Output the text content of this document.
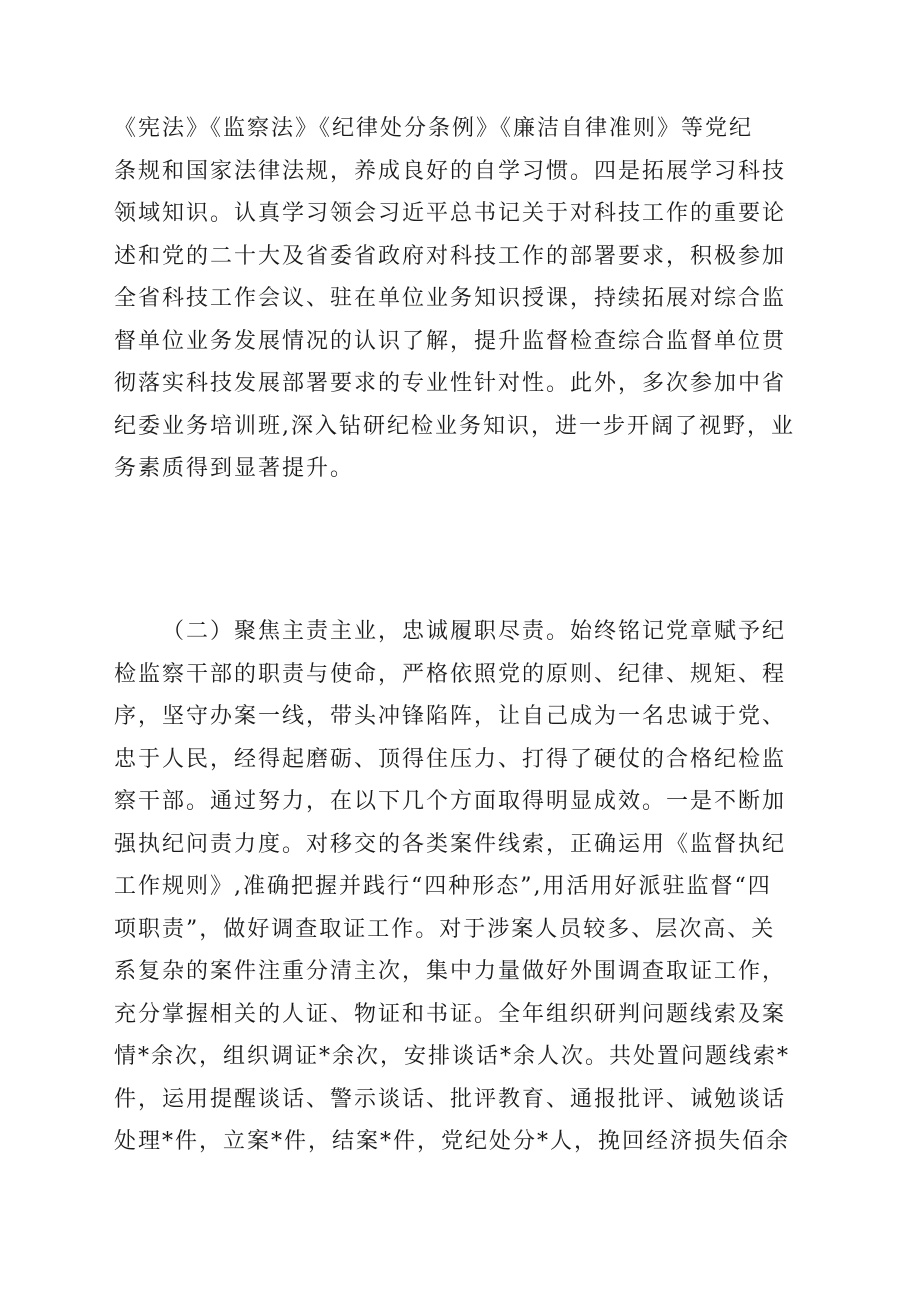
《宪法》《监察法》《纪律处分条例》《廉洁自律准则》等党纪
条规和国家法律法规，养成良好的自学习惯。四是拓展学习科技
领域知识。认真学习领会习近平总书记关于对科技工作的重要论
述和党的二十大及省委省政府对科技工作的部署要求，积极参加
全省科技工作会议、驻在单位业务知识授课，持续拓展对综合监
督单位业务发展情况的认识了解，提升监督检查综合监督单位贯
彻落实科技发展部署要求的专业性针对性。此外，多次参加中省
纪委业务培训班,深入钻研纪检业务知识，进一步开阔了视野，业
务素质得到显著提升。
（二）聚焦主责主业，忠诚履职尽责。始终铭记党章赋予纪
检监察干部的职责与使命，严格依照党的原则、纪律、规矩、程
序，坚守办案一线，带头冲锋陷阵，让自己成为一名忠诚于党、
忠于人民，经得起磨砺、顶得住压力、打得了硬仗的合格纪检监
察干部。通过努力，在以下几个方面取得明显成效。一是不断加
强执纪问责力度。对移交的各类案件线索，正确运用《监督执纪
工作规则》,准确把握并践行“四种形态”,用活用好派驻监督“四
项职责”，做好调查取证工作。对于涉案人员较多、层次高、关
系复杂的案件注重分清主次，集中力量做好外围调查取证工作，
充分掌握相关的人证、物证和书证。全年组织研判问题线索及案
情*余次，组织调证*余次，安排谈话*余人次。共处置问题线索*
件，运用提醒谈话、警示谈话、批评教育、通报批评、诫勉谈话
处理*件，立案*件，结案*件，党纪处分*人，挽回经济损失佰余
